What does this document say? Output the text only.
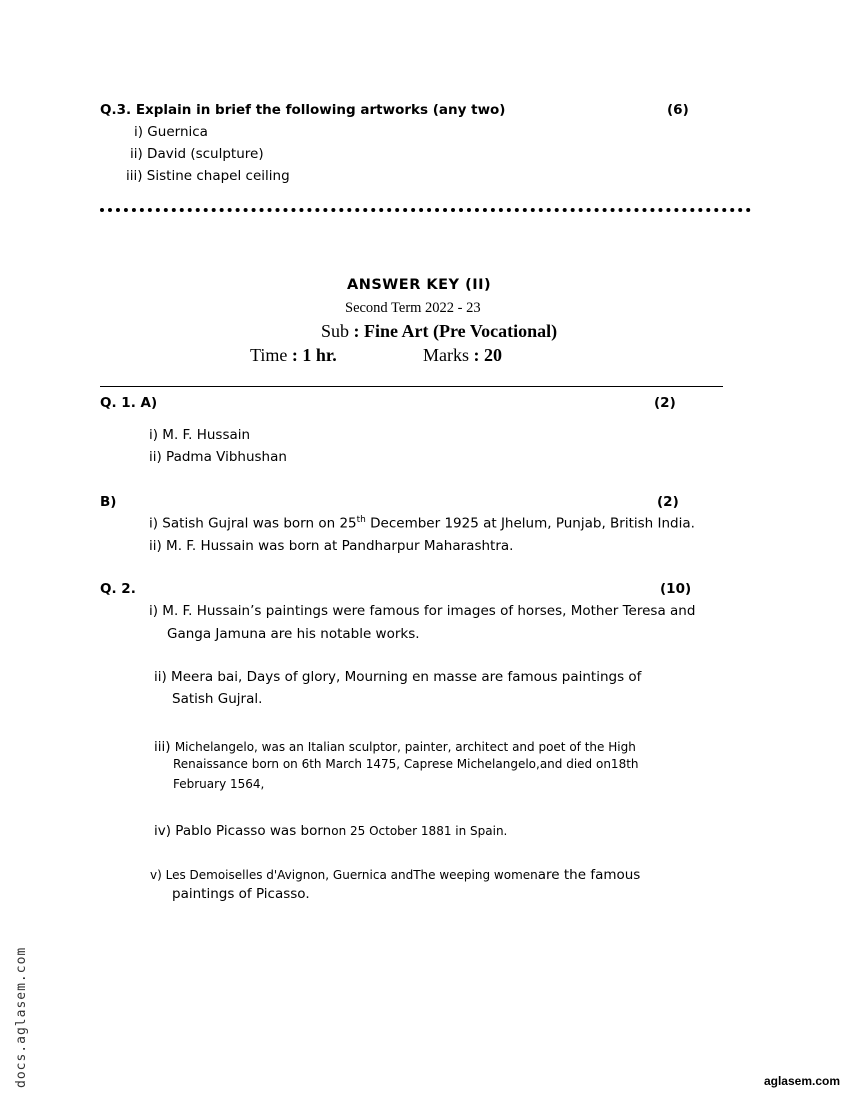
Q.3. Explain in brief the following artworks (any two)	(6)
i) Guernica
ii) David (sculpture)
iii) Sistine chapel ceiling
ANSWER KEY (II)
Second Term 2022 - 23
Sub : Fine Art (Pre Vocational)
Time : 1 hr.	Marks : 20
Q. 1. A)	(2)
i) M. F. Hussain
ii) Padma Vibhushan
B)	(2)
i) Satish Gujral was born on 25th December 1925 at Jhelum, Punjab, British India.
ii) M. F. Hussain was born at Pandharpur Maharashtra.
Q. 2.	(10)
i) M. F. Hussain’s paintings were famous for images of horses, Mother Teresa and
Ganga Jamuna are his notable works.
ii) Meera bai, Days of glory, Mourning en masse are famous paintings of
Satish Gujral.
iii) Michelangelo, was an Italian sculptor, painter, architect and poet of the High
Renaissance born on 6th March 1475, Caprese Michelangelo,and died on18th
February 1564,
iv) Pablo Picasso was bornon 25 October 1881 in Spain.
v) Les Demoiselles d'Avignon, Guernica andThe weeping womenare the famous
paintings of Picasso.
docs.aglasem.com	aglasem.com
